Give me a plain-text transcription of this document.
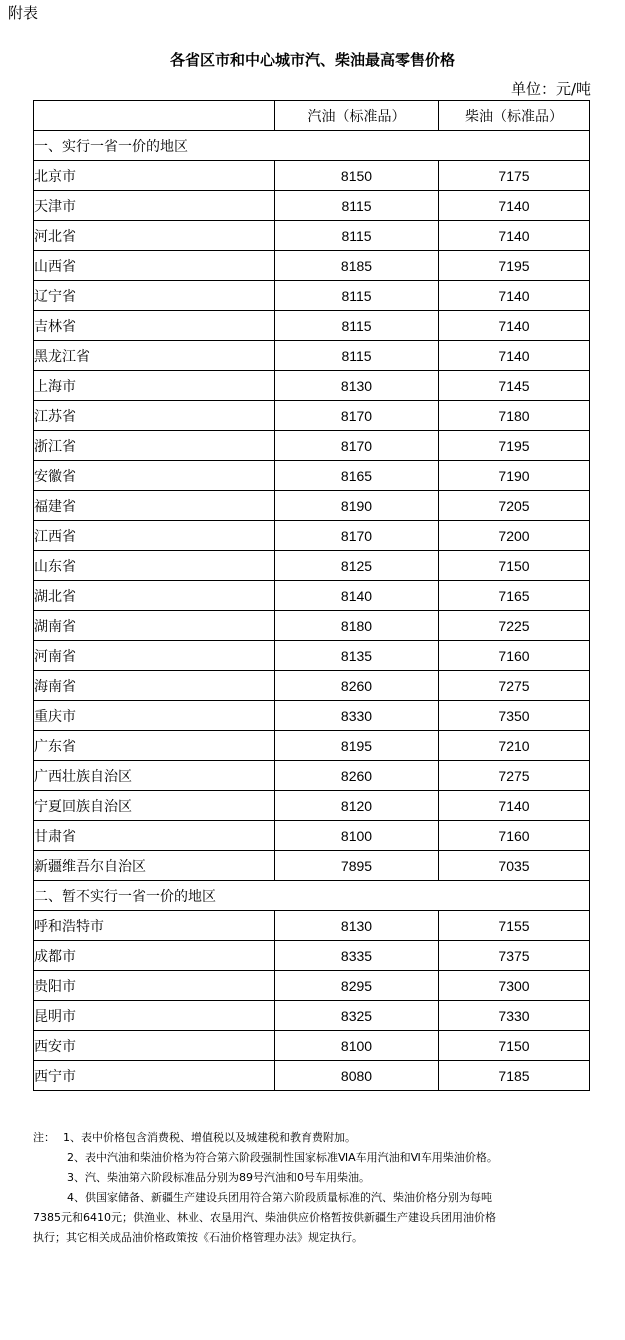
附表
各省区市和中心城市汽、柴油最高零售价格
单位：元/吨
	汽油（标准品）	柴油（标准品）
一、实行一省一价的地区		
北京市	8150	7175
天津市	8115	7140
河北省	8115	7140
山西省	8185	7195
辽宁省	8115	7140
吉林省	8115	7140
黑龙江省	8115	7140
上海市	8130	7145
江苏省	8170	7180
浙江省	8170	7195
安徽省	8165	7190
福建省	8190	7205
江西省	8170	7200
山东省	8125	7150
湖北省	8140	7165
湖南省	8180	7225
河南省	8135	7160
海南省	8260	7275
重庆市	8330	7350
广东省	8195	7210
广西壮族自治区	8260	7275
宁夏回族自治区	8120	7140
甘肃省	8100	7160
新疆维吾尔自治区	7895	7035
二、暂不实行一省一价的地区		
呼和浩特市	8130	7155
成都市	8335	7375
贵阳市	8295	7300
昆明市	8325	7330
西安市	8100	7150
西宁市	8080	7185

注： 1、表中价格包含消费税、增值税以及城建税和教育费附加。

2、表中汽油和柴油价格为符合第六阶段强制性国家标准ⅥA车用汽油和Ⅵ车用柴油价格。

3、汽、柴油第六阶段标准品分别为89号汽油和0号车用柴油。

4、供国家储备、新疆生产建设兵团用符合第六阶段质量标准的汽、柴油价格分别为每吨

7385元和6410元；供渔业、林业、农垦用汽、柴油供应价格暂按供新疆生产建设兵团用油价格

执行；其它相关成品油价格政策按《石油价格管理办法》规定执行。
